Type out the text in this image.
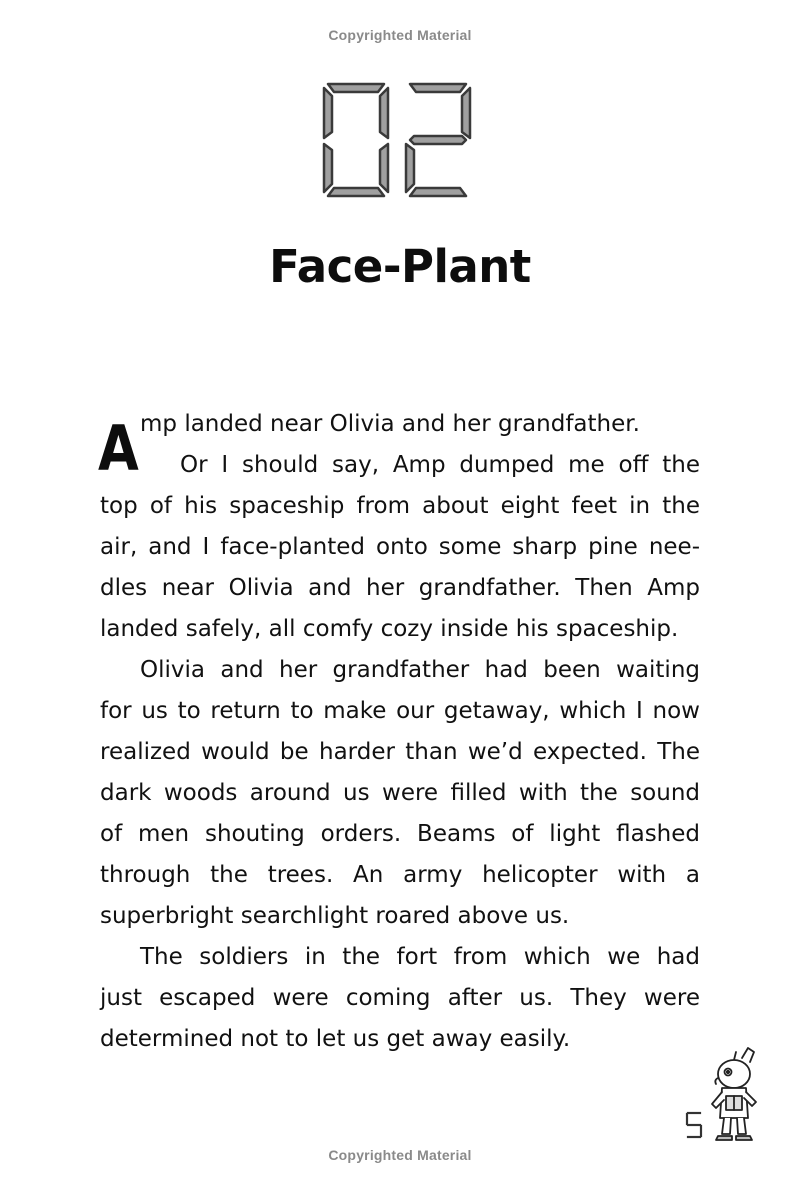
Copyrighted Material
Face-Plant
A mp landed near Olivia and her grandfather.
Or I should say, Amp dumped me off the
top of his spaceship from about eight feet in the
air, and I face-planted onto some sharp pine nee-
dles near Olivia and her grandfather. Then Amp
landed safely, all comfy cozy inside his spaceship.
Olivia and her grandfather had been waiting
for us to return to make our getaway, which I now
realized would be harder than we’d expected. The
dark woods around us were filled with the sound
of men shouting orders. Beams of light flashed
through the trees. An army helicopter with a
superbright searchlight roared above us.
The soldiers in the fort from which we had
just escaped were coming after us. They were
determined not to let us get away easily.
Copyrighted Material
